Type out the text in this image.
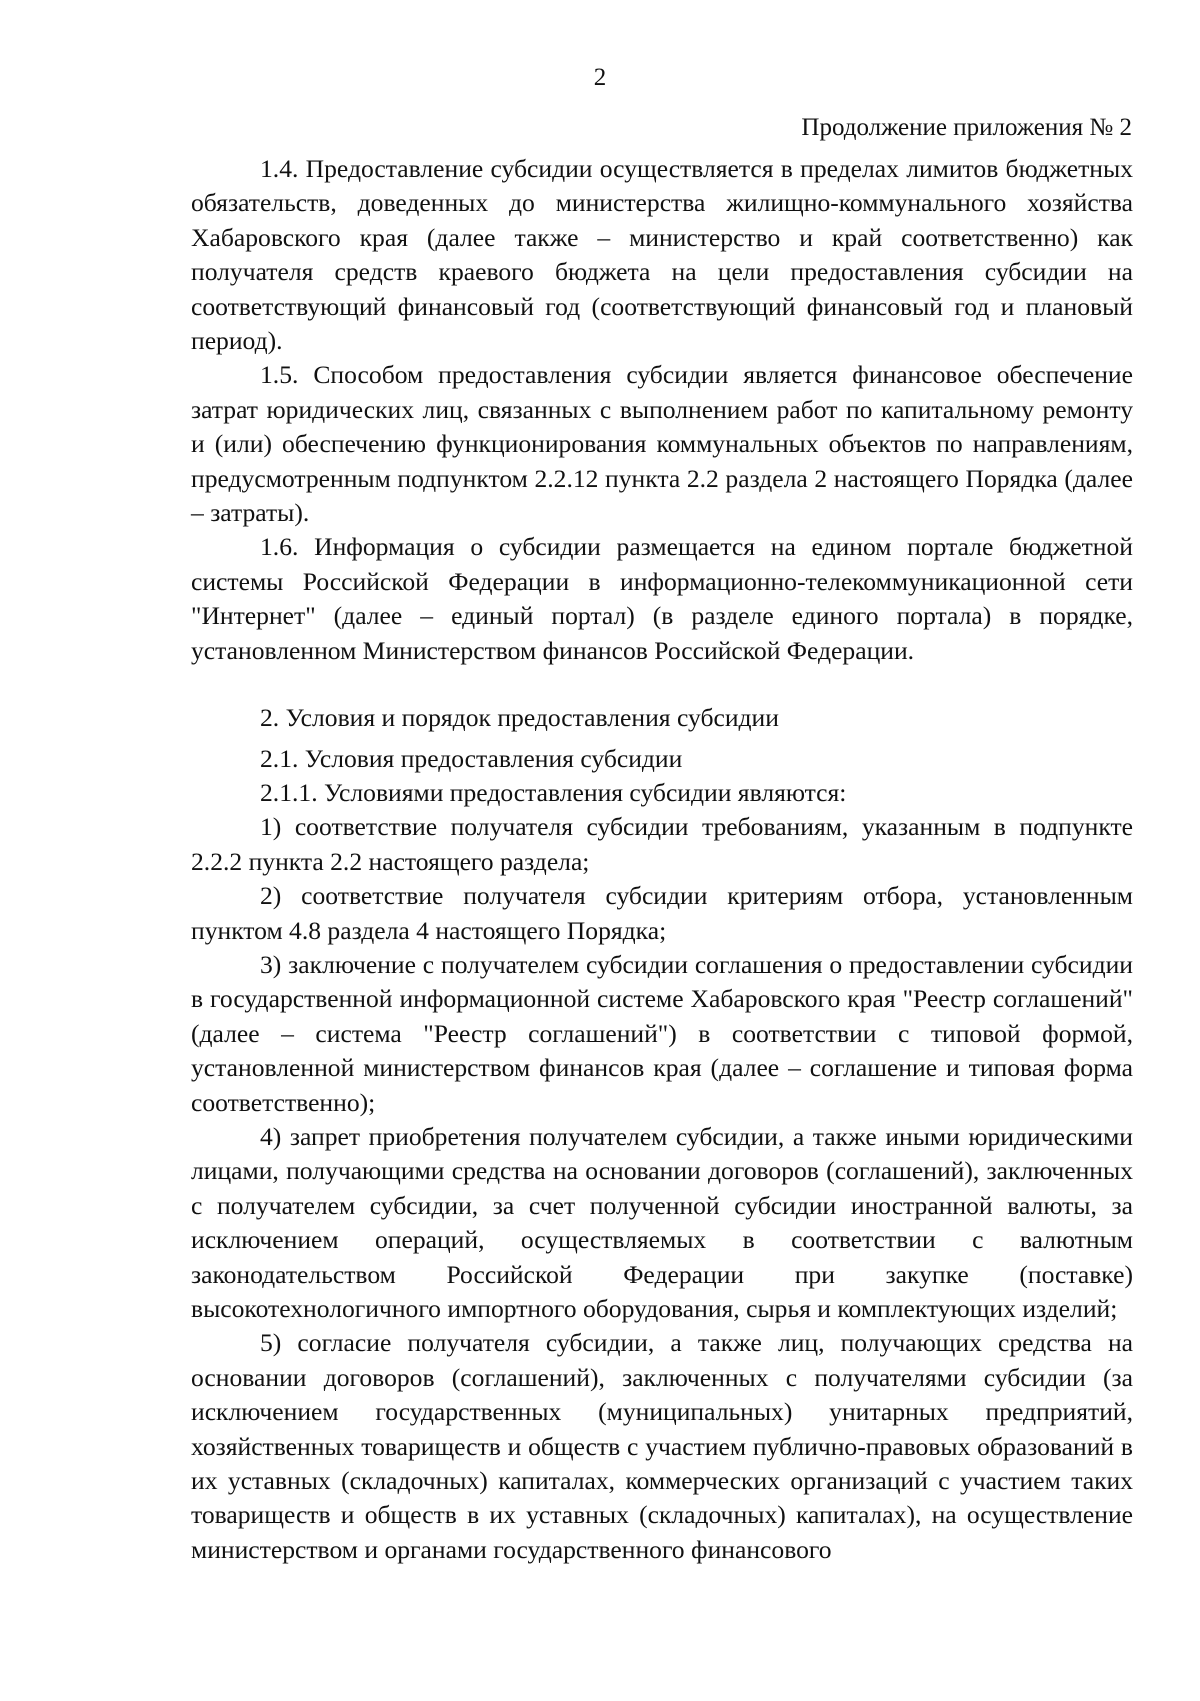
2
Продолжение приложения № 2

1.4. Предоставление субсидии осуществляется в пределах лимитов бюджетных обязательств, доведенных до министерства жилищно-коммунального хозяйства Хабаровского края (далее также – министерство и край соответственно) как получателя средств краевого бюджета на цели предоставления субсидии на соответствующий финансовый год (соответствующий финансовый год и плановый период).

1.5. Способом предоставления субсидии является финансовое обеспечение затрат юридических лиц, связанных с выполнением работ по капитальному ремонту и (или) обеспечению функционирования коммунальных объектов по направлениям, предусмотренным подпунктом 2.2.12 пункта 2.2 раздела 2 настоящего Порядка (далее – затраты).

1.6. Информация о субсидии размещается на едином портале бюджетной системы Российской Федерации в информационно-телекоммуникационной сети "Интернет" (далее – единый портал) (в разделе единого портала) в порядке, установленном Министерством финансов Российской Федерации.

2. Условия и порядок предоставления субсидии

2.1. Условия предоставления субсидии

2.1.1. Условиями предоставления субсидии являются:

1) соответствие получателя субсидии требованиям, указанным в подпункте 2.2.2 пункта 2.2 настоящего раздела;

2) соответствие получателя субсидии критериям отбора, установленным пунктом 4.8 раздела 4 настоящего Порядка;

3) заключение с получателем субсидии соглашения о предоставлении субсидии в государственной информационной системе Хабаровского края "Реестр соглашений" (далее – система "Реестр соглашений") в соответствии с типовой формой, установленной министерством финансов края (далее – соглашение и типовая форма соответственно);

4) запрет приобретения получателем субсидии, а также иными юридическими лицами, получающими средства на основании договоров (соглашений), заключенных с получателем субсидии, за счет полученной субсидии иностранной валюты, за исключением операций, осуществляемых в соответствии с валютным законодательством Российской Федерации при закупке (поставке) высокотехнологичного импортного оборудования, сырья и комплектующих изделий;

5) согласие получателя субсидии, а также лиц, получающих средства на основании договоров (соглашений), заключенных с получателями субсидии (за исключением государственных (муниципальных) унитарных предприятий, хозяйственных товариществ и обществ с участием публично-правовых образований в их уставных (складочных) капиталах, коммерческих организаций с участием таких товариществ и обществ в их уставных (складочных) капиталах), на осуществление министерством и органами государственного финансового
